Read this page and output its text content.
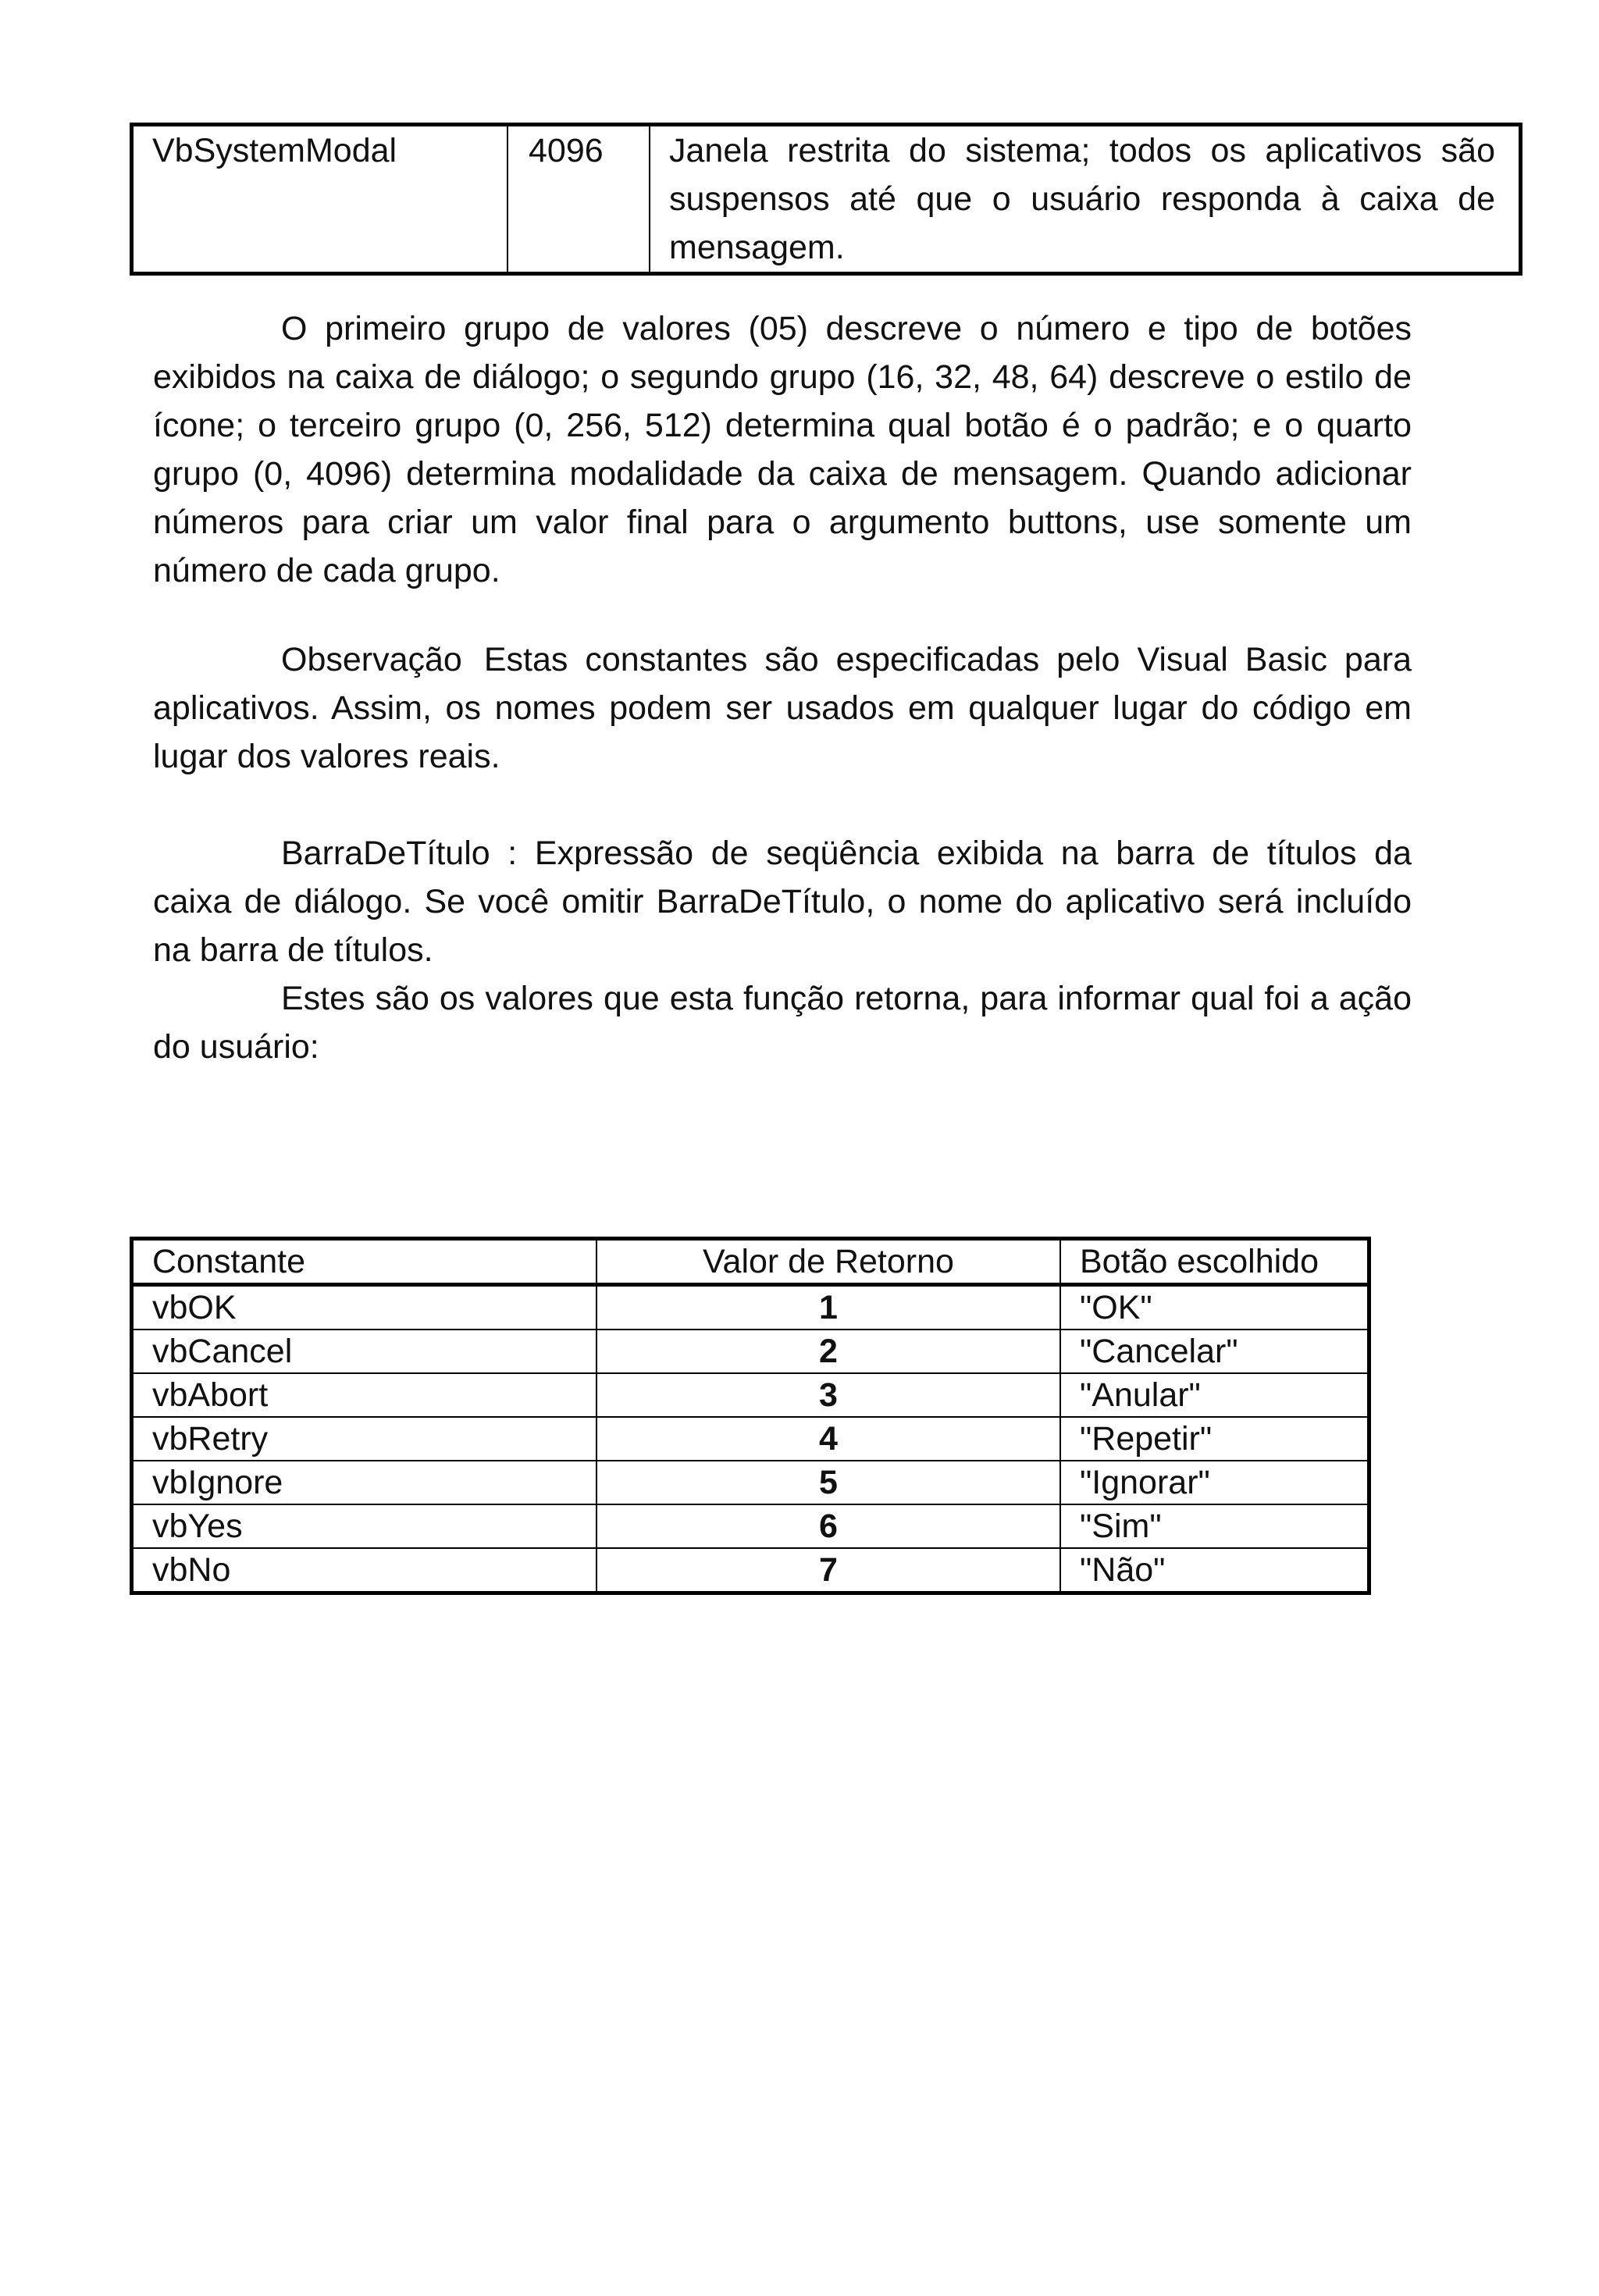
VbSystemModal	4096	Janela restrita do sistema; todos os aplicativos são suspensos até que o usuário responda à caixa de mensagem.

O primeiro grupo de valores (05) descreve o número e tipo de botões exibidos na caixa de diálogo; o segundo grupo (16, 32, 48, 64) descreve o estilo de ícone; o terceiro grupo (0, 256, 512) determina qual botão é o padrão; e o quarto grupo (0, 4096) determina modalidade da caixa de mensagem. Quando adicionar números para criar um valor final para o argumento buttons, use somente um número de cada grupo.

Observação Estas constantes são especificadas pelo Visual Basic para aplicativos. Assim, os nomes podem ser usados em qualquer lugar do código em lugar dos valores reais.

BarraDeTítulo : Expressão de seqüência exibida na barra de títulos da caixa de diálogo. Se você omitir BarraDeTítulo, o nome do aplicativo será incluído na barra de títulos.

Estes são os valores que esta função retorna, para informar qual foi a ação do usuário:

Constante	Valor de Retorno	Botão escolhido
vbOK	1	"OK"
vbCancel	2	"Cancelar"
vbAbort	3	"Anular"
vbRetry	4	"Repetir"
vbIgnore	5	"Ignorar"
vbYes	6	"Sim"
vbNo	7	"Não"
